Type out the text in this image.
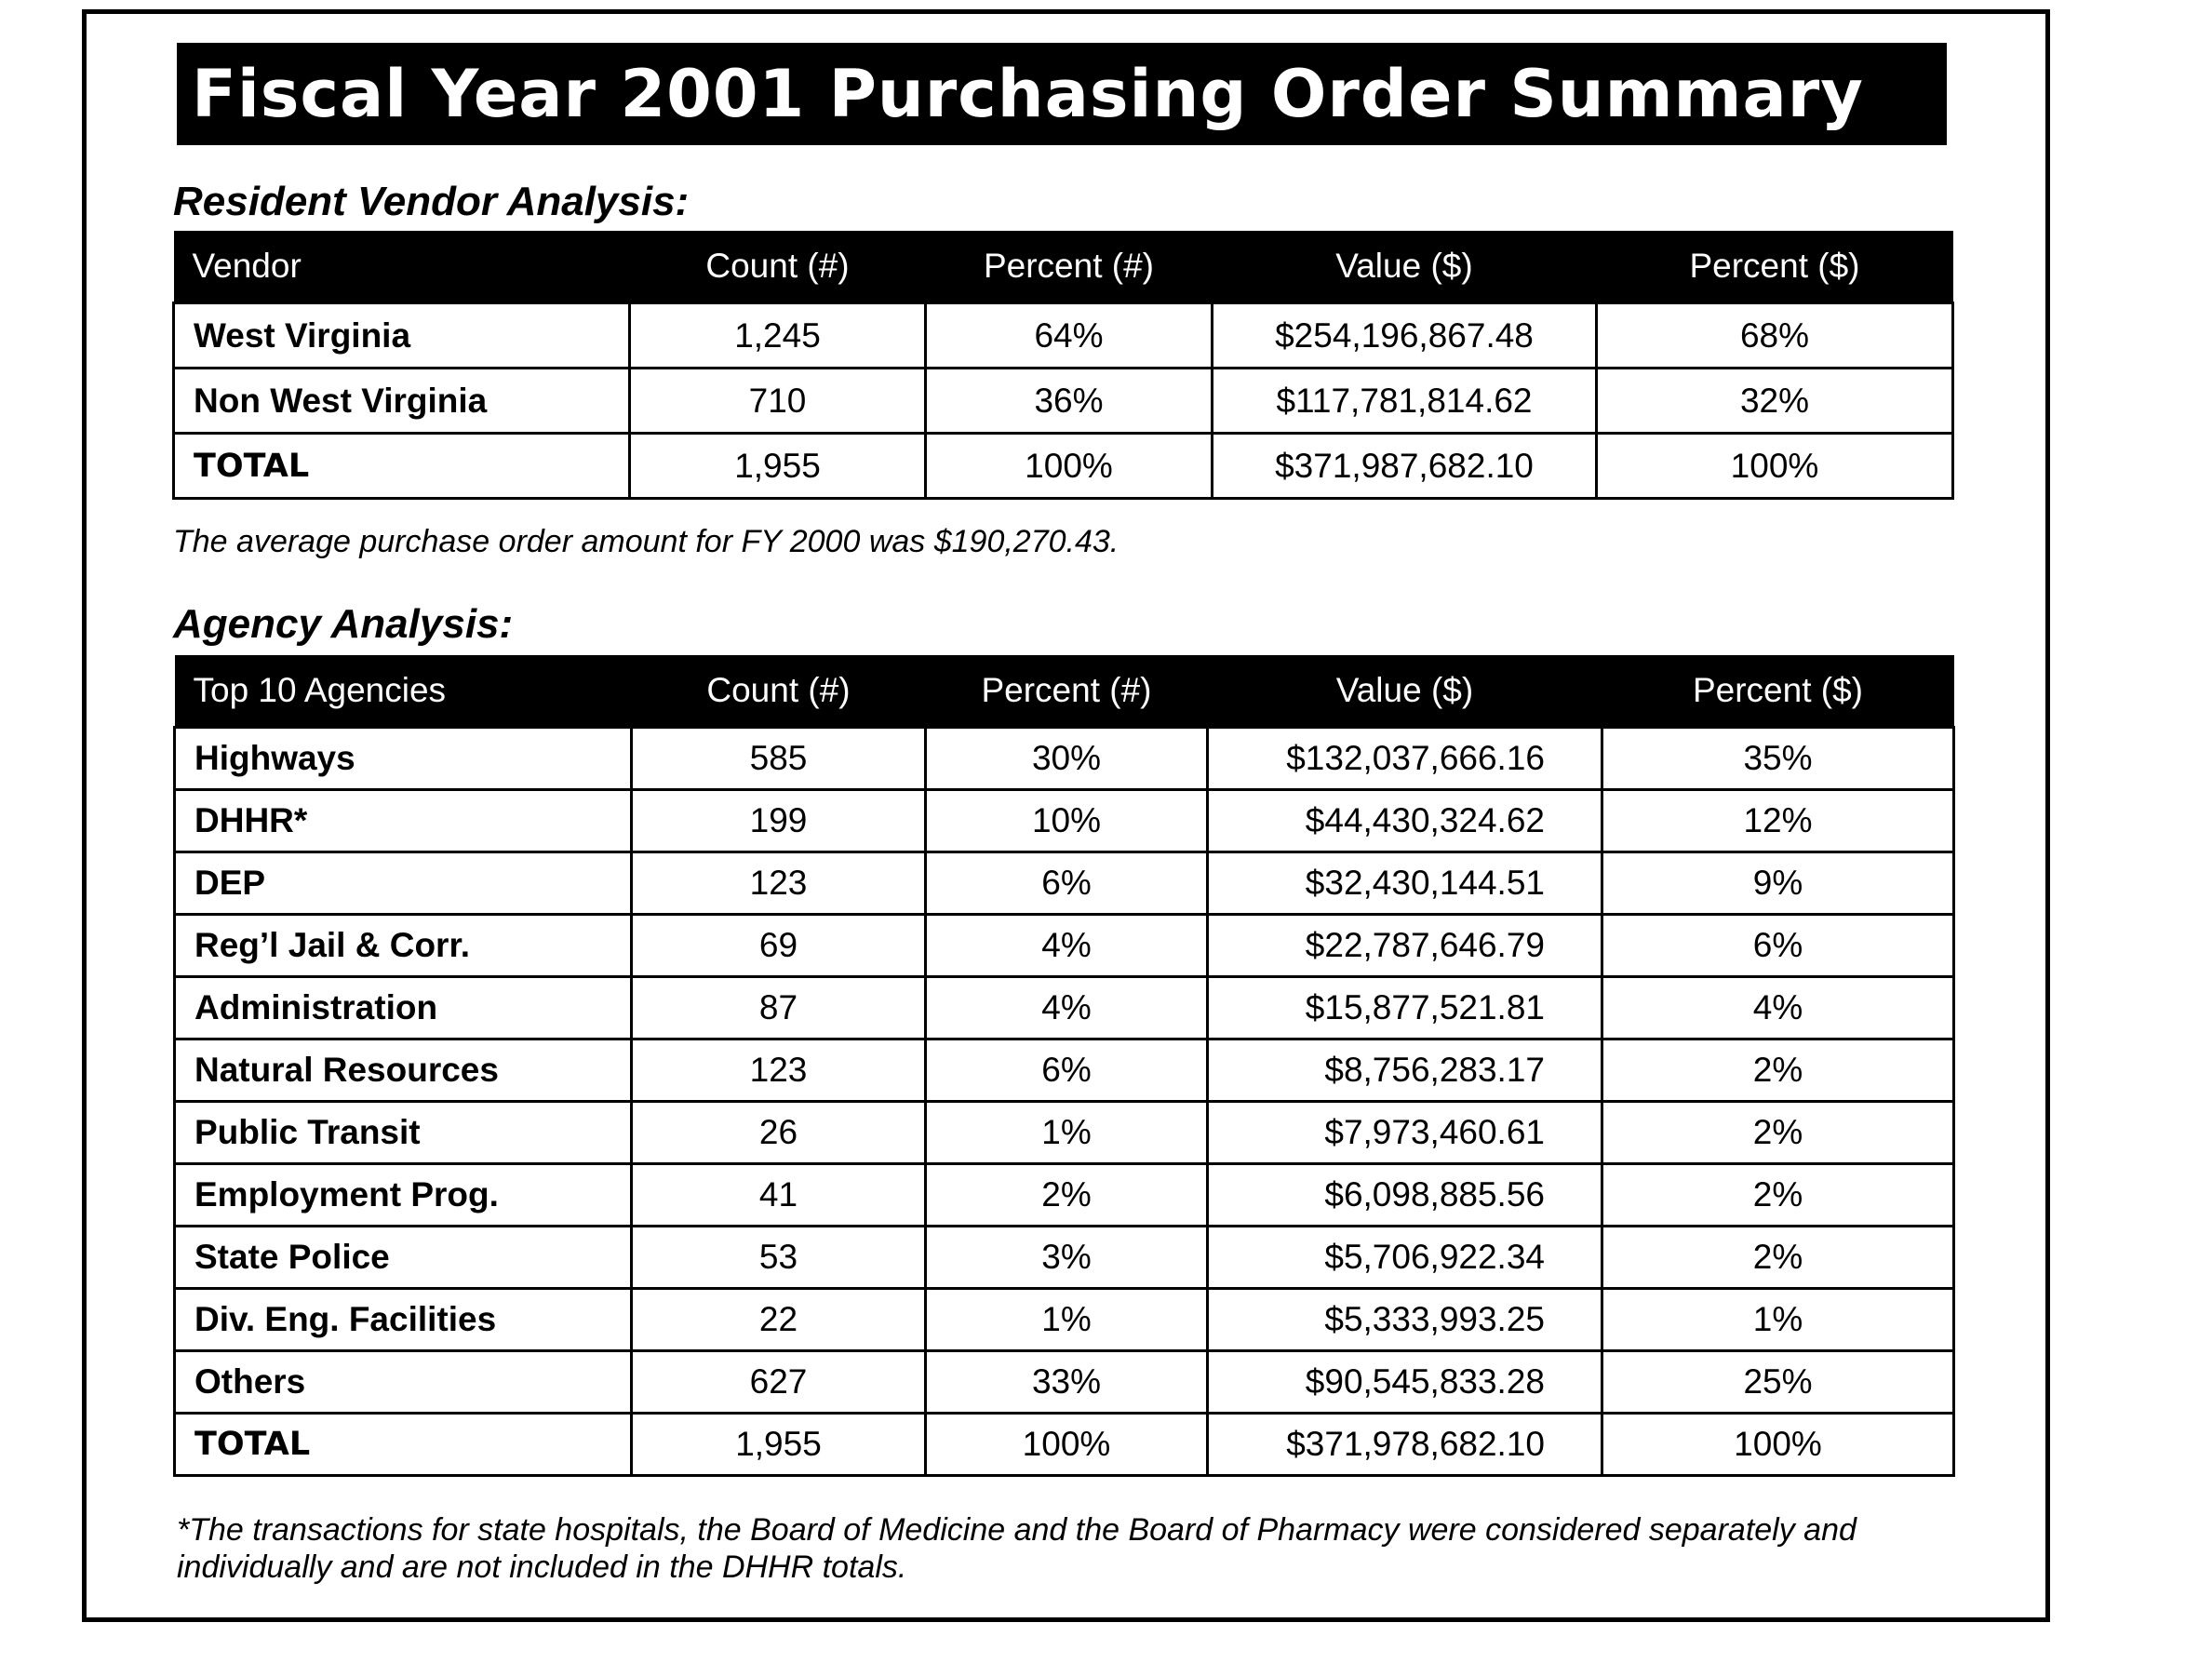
Fiscal Year 2001 Purchasing Order Summary
Resident Vendor Analysis:
Vendor	Count (#)	Percent (#)	Value ($)	Percent ($)
West Virginia	1,245	64%	$254,196,867.48	68%
Non West Virginia	710	36%	$117,781,814.62	32%
TOTAL	1,955	100%	$371,987,682.10	100%
The average purchase order amount for FY 2000 was $190,270.43.
Agency Analysis:
Top 10 Agencies	Count (#)	Percent (#)	Value ($)	Percent ($)
Highways	585	30%	$132,037,666.16	35%
DHHR*	199	10%	$44,430,324.62	12%
DEP	123	6%	$32,430,144.51	9%
Reg’l Jail & Corr.	69	4%	$22,787,646.79	6%
Administration	87	4%	$15,877,521.81	4%
Natural Resources	123	6%	$8,756,283.17	2%
Public Transit	26	1%	$7,973,460.61	2%
Employment Prog.	41	2%	$6,098,885.56	2%
State Police	53	3%	$5,706,922.34	2%
Div. Eng. Facilities	22	1%	$5,333,993.25	1%
Others	627	33%	$90,545,833.28	25%
TOTAL	1,955	100%	$371,978,682.10	100%
*The transactions for state hospitals, the Board of Medicine and the Board of Pharmacy were considered separately and individually and are not included in the DHHR totals.
